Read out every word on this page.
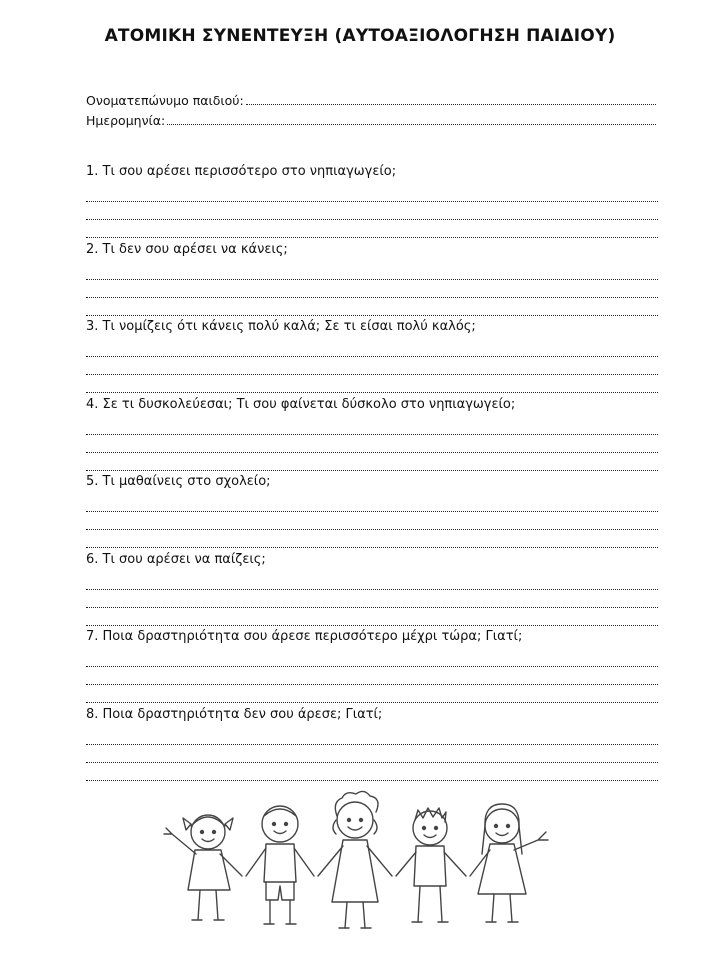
ΑΤΟΜΙΚΗ ΣΥΝΕΝΤΕΥΞΗ (ΑΥΤΟΑΞΙΟΛΟΓΗΣΗ ΠΑΙΔΙΟΥ)
Ονοματεπώνυμο παιδιού:
Ημερομηνία:
1. Τι σου αρέσει περισσότερο στο νηπιαγωγείο;
2. Τι δεν σου αρέσει να κάνεις;
3. Τι νομίζεις ότι κάνεις πολύ καλά; Σε τι είσαι πολύ καλός;
4. Σε τι δυσκολεύεσαι; Τι σου φαίνεται δύσκολο στο νηπιαγωγείο;
5. Τι μαθαίνεις στο σχολείο;
6. Τι σου αρέσει να παίζεις;
7. Ποια δραστηριότητα σου άρεσε περισσότερο μέχρι τώρα; Γιατί;
8. Ποια δραστηριότητα δεν σου άρεσε; Γιατί;
